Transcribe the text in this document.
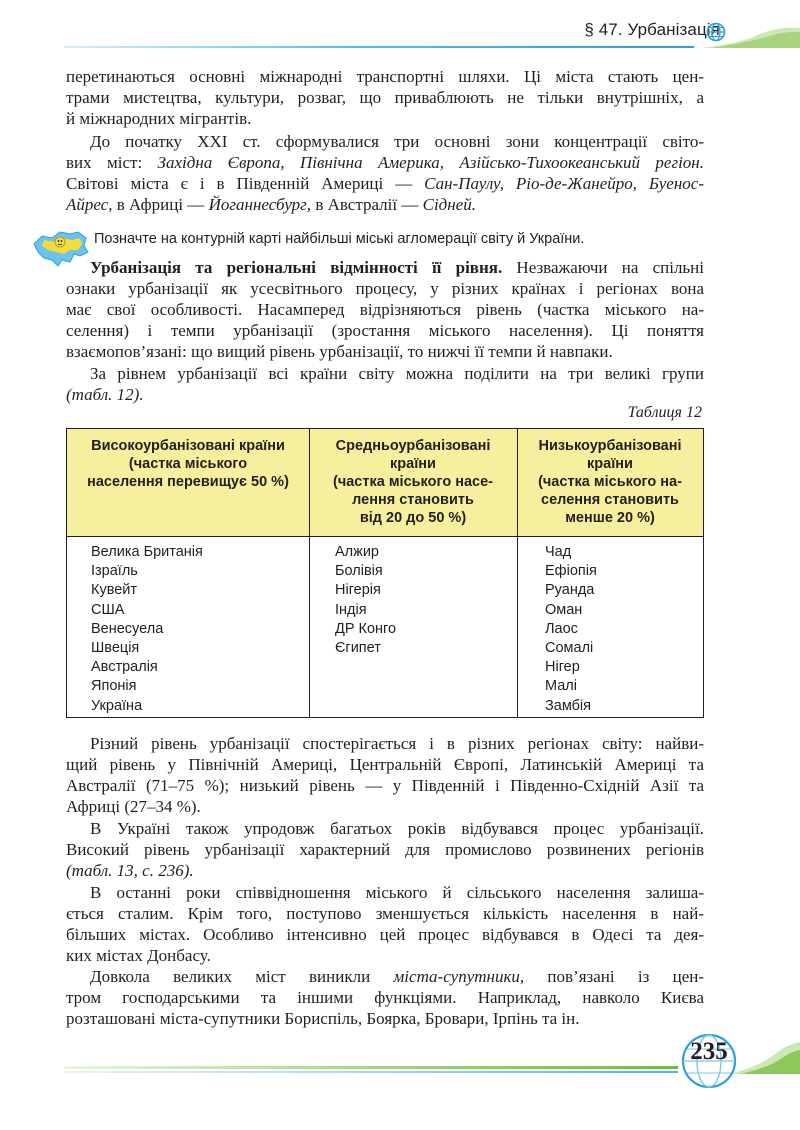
§ 47. Урбанізація
перетинаються основні міжнародні транспортні шляхи. Ці міста стають цен-
трами мистецтва, культури, розваг, що приваблюють не тільки внутрішніх, а
й міжнародних мігрантів.
До початку XXI ст. сформувалися три основні зони концентрації світо-
вих міст: Західна Європа, Північна Америка, Азійсько-Тихоокеанський регіон.
Світові міста є і в Південній Америці — Сан-Паулу, Ріо-де-Жанейро, Буенос-
Айрес, в Африці — Йоганнесбург, в Австралії — Сідней.
Позначте на контурній карті найбільші міські агломерації світу й України.
Урбанізація та регіональні відмінності її рівня. Незважаючи на спільні
ознаки урбанізації як усесвітнього процесу, у різних країнах і регіонах вона
має свої особливості. Насамперед відрізняються рівень (частка міського на-
селення) і темпи урбанізації (зростання міського населення). Ці поняття
взаємопов’язані: що вищий рівень урбанізації, то нижчі її темпи й навпаки.
За рівнем урбанізації всі країни світу можна поділити на три великі групи
(табл. 12).
Таблиця 12
Високоурбанізовані країни
(частка міського
населення перевищує 50 %)
Средньоурбанізовані
країни
(частка міського насе-
лення становить
від 20 до 50 %)
Низькоурбанізовані
країни
(частка міського на-
селення становить
менше 20 %)
Велика Британія
Ізраїль
Кувейт
США
Венесуела
Швеція
Австралія
Японія
Україна
Алжир
Болівія
Нігерія
Індія
ДР Конго
Єгипет
Чад
Ефіопія
Руанда
Оман
Лаос
Сомалі
Нігер
Малі
Замбія
Різний рівень урбанізації спостерігається і в різних регіонах світу: найви-
щий рівень у Північній Америці, Центральній Європі, Латинській Америці та
Австралії (71–75 %); низький рівень — у Південній і Південно-Східній Азії та
Африці (27–34 %).
В Україні також упродовж багатьох років відбувався процес урбанізації.
Високий рівень урбанізації характерний для промислово розвинених регіонів
(табл. 13, с. 236).
В останні роки співвідношення міського й сільського населення залиша-
ється сталим. Крім того, поступово зменшується кількість населення в най-
більших містах. Особливо інтенсивно цей процес відбувався в Одесі та дея-
ких містах Донбасу.
Довкола великих міст виникли міста-супутники, пов’язані із цен-
тром господарськими та іншими функціями. Наприклад, навколо Києва
розташовані міста-супутники Бориспіль, Боярка, Бровари, Ірпінь та ін.
235
